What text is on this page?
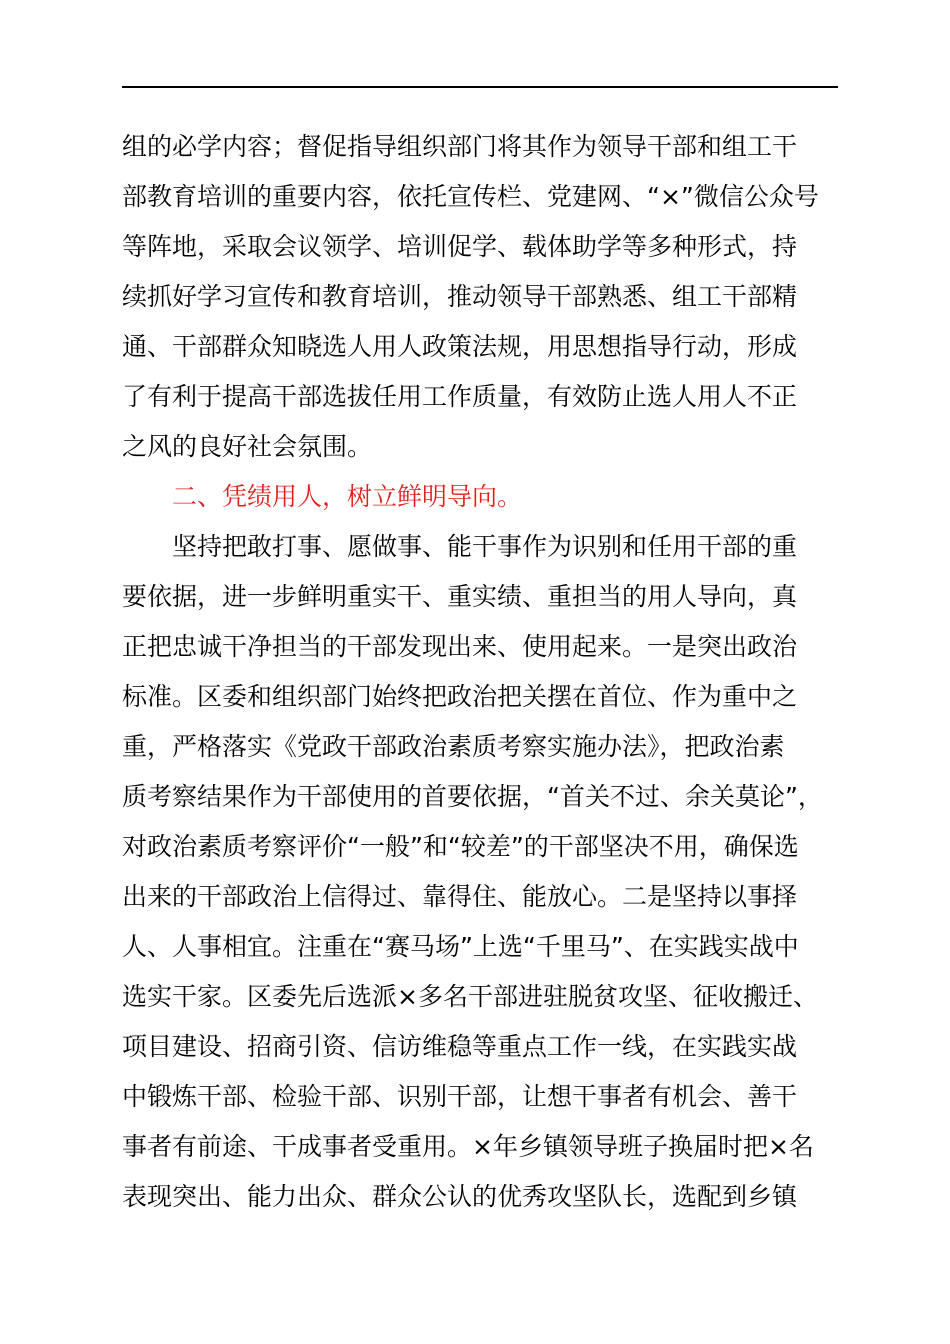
组的必学内容；督促指导组织部门将其作为领导干部和组工干
部教育培训的重要内容，依托宣传栏、党建网、“×”微信公众号
等阵地，采取会议领学、培训促学、载体助学等多种形式，持
续抓好学习宣传和教育培训，推动领导干部熟悉、组工干部精
通、干部群众知晓选人用人政策法规，用思想指导行动，形成
了有利于提高干部选拔任用工作质量，有效防止选人用人不正
之风的良好社会氛围。
　　二、凭绩用人，树立鲜明导向。
　　坚持把敢打事、愿做事、能干事作为识别和任用干部的重
要依据，进一步鲜明重实干、重实绩、重担当的用人导向，真
正把忠诚干净担当的干部发现出来、使用起来。一是突出政治
标准。区委和组织部门始终把政治把关摆在首位、作为重中之
重，严格落实《党政干部政治素质考察实施办法》，把政治素
质考察结果作为干部使用的首要依据，“首关不过、余关莫论”，
对政治素质考察评价“一般”和“较差”的干部坚决不用，确保选
出来的干部政治上信得过、靠得住、能放心。二是坚持以事择
人、人事相宜。注重在“赛马场”上选“千里马”、在实践实战中
选实干家。区委先后选派×多名干部进驻脱贫攻坚、征收搬迁、
项目建设、招商引资、信访维稳等重点工作一线，在实践实战
中锻炼干部、检验干部、识别干部，让想干事者有机会、善干
事者有前途、干成事者受重用。×年乡镇领导班子换届时把×名
表现突出、能力出众、群众公认的优秀攻坚队长，选配到乡镇
